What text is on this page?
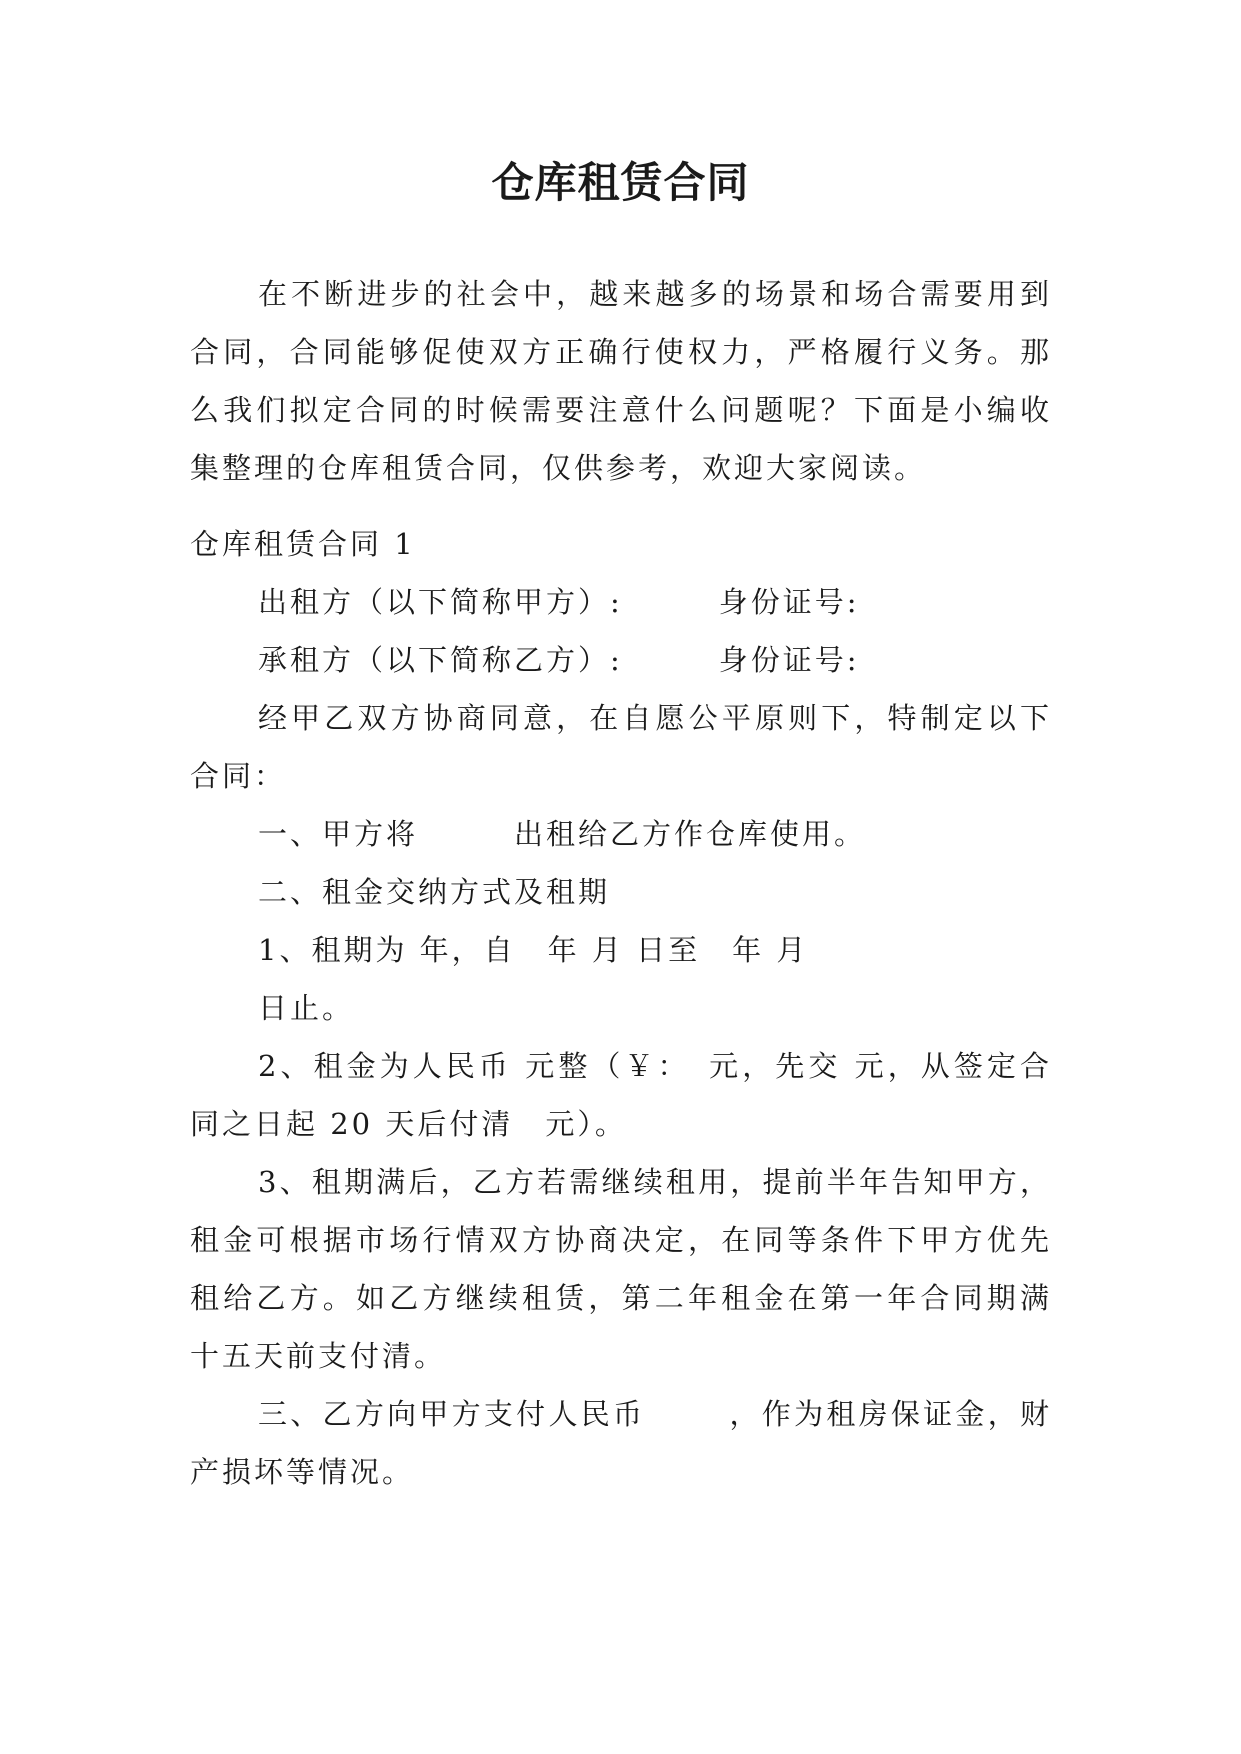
仓库租赁合同

在不断进步的社会中，越来越多的场景和场合需要用到合同，合同能够促使双方正确行使权力，严格履行义务。那么我们拟定合同的时候需要注意什么问题呢？下面是小编收集整理的仓库租赁合同，仅供参考，欢迎大家阅读。

仓库租赁合同 1

出租方（以下简称甲方）:	身份证号:

承租方（以下简称乙方）:	身份证号:

经甲乙双方协商同意，在自愿公平原则下，特制定以下合同：

一、甲方将	出租给乙方作仓库使用。

二、租金交纳方式及租期

1、租期为 年，自　年 月 日至　年 月

日止。

2、租金为人民币 元整（￥：　元，先交 元，从签定合同之日起 20 天后付清　元）。

3、租期满后，乙方若需继续租用，提前半年告知甲方，租金可根据市场行情双方协商决定，在同等条件下甲方优先租给乙方。如乙方继续租赁，第二年租金在第一年合同期满十五天前支付清。

三、乙方向甲方支付人民币	，作为租房保证金，财产损坏等情况。
